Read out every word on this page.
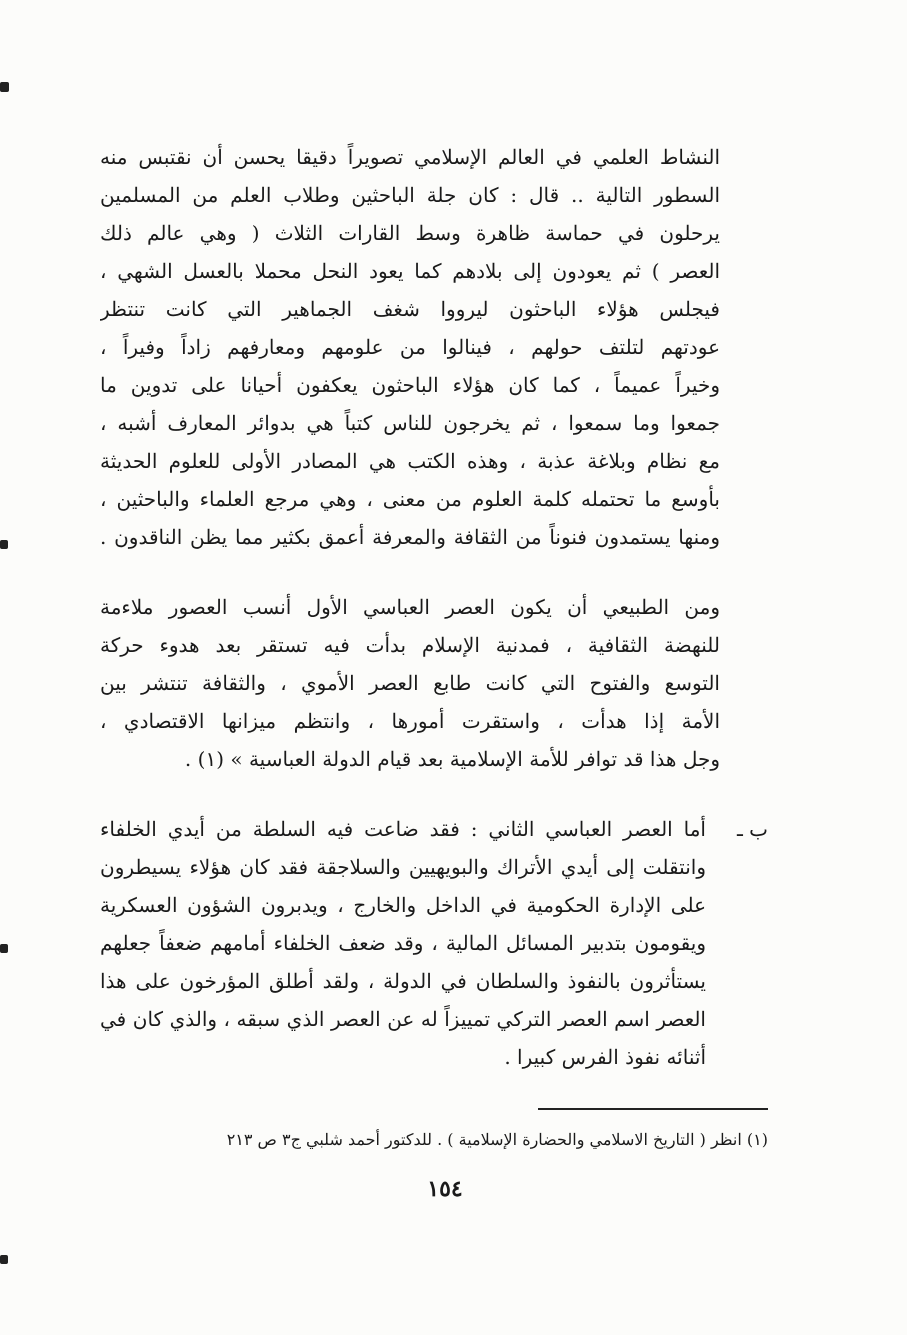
النشاط العلمي في العالم الإسلامي تصويراً دقيقا يحسن أن نقتبس منه
السطور التالية .. قال : كان جلة الباحثين وطلاب العلم من المسلمين
يرحلون في حماسة ظاهرة وسط القارات الثلاث ( وهي عالم ذلك
العصر ) ثم يعودون إلى بلادهم كما يعود النحل محملا بالعسل الشهي ،
فيجلس هؤلاء الباحثون ليرووا شغف الجماهير التي كانت تنتظر
عودتهم لتلتف حولهم ، فينالوا من علومهم ومعارفهم زاداً وفيراً ،
وخيراً عميماً ، كما كان هؤلاء الباحثون يعكفون أحيانا على تدوين ما
جمعوا وما سمعوا ، ثم يخرجون للناس كتباً هي بدوائر المعارف أشبه ،
مع نظام وبلاغة عذبة ، وهذه الكتب هي المصادر الأولى للعلوم الحديثة
بأوسع ما تحتمله كلمة العلوم من معنى ، وهي مرجع العلماء والباحثين ،
ومنها يستمدون فنوناً من الثقافة والمعرفة أعمق بكثير مما يظن الناقدون .
ومن الطبيعي أن يكون العصر العباسي الأول أنسب العصور ملاءمة
للنهضة الثقافية ، فمدنية الإسلام بدأت فيه تستقر بعد هدوء حركة
التوسع والفتوح التي كانت طابع العصر الأموي ، والثقافة تنتشر بين
الأمة إذا هدأت ، واستقرت أمورها ، وانتظم ميزانها الاقتصادي ،
وجل هذا قد توافر للأمة الإسلامية بعد قيام الدولة العباسية » (١) .
ب ـ
أما العصر العباسي الثاني : فقد ضاعت فيه السلطة من أيدي الخلفاء
وانتقلت إلى أيدي الأتراك والبويهيين والسلاجقة فقد كان هؤلاء يسيطرون
على الإدارة الحكومية في الداخل والخارج ، ويدبرون الشؤون العسكرية
ويقومون بتدبير المسائل المالية ، وقد ضعف الخلفاء أمامهم ضعفاً جعلهم
يستأثرون بالنفوذ والسلطان في الدولة ، ولقد أطلق المؤرخون على هذا
العصر اسم العصر التركي تمييزاً له عن العصر الذي سبقه ، والذي كان في
أثنائه نفوذ الفرس كبيرا .
(١) انظر ( التاريخ الاسلامي والحضارة الإسلامية ) . للدكتور أحمد شلبي ج٣ ص ٢١٣
١٥٤
